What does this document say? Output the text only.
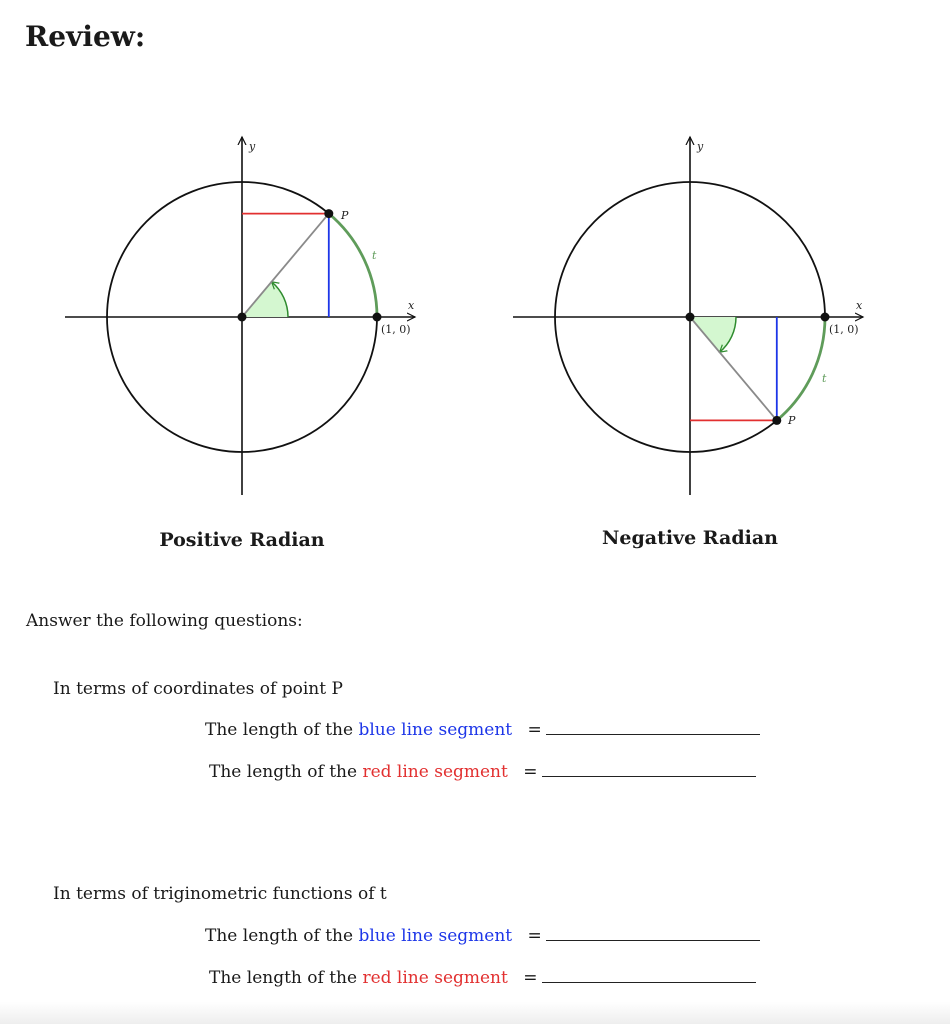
Review:
P
t
(1, 0)
x
y
P
t
(1, 0)
x
y
Positive Radian	Negative Radian
Answer the following questions:
In terms of coordinates of point P
The length of the blue line segment =
The length of the red line segment =
In terms of triginometric functions of t
The length of the blue line segment =
The length of the red line segment =
